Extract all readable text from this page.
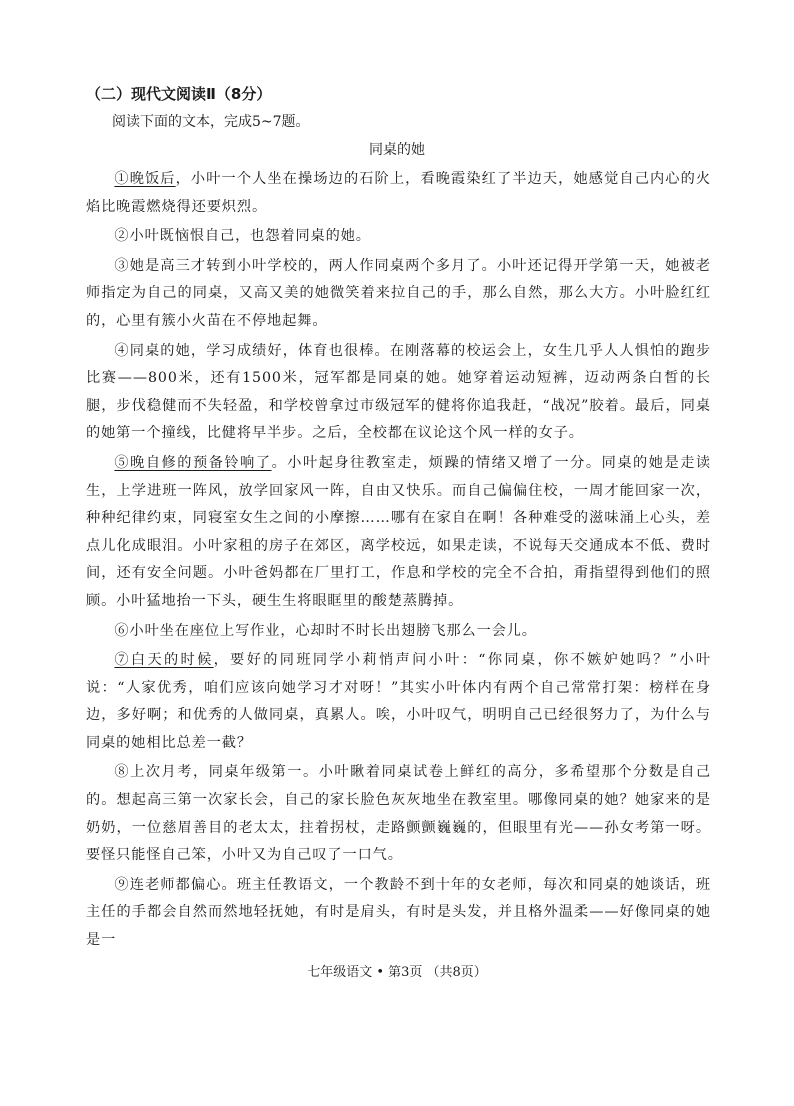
（二）现代文阅读Ⅱ（8分）
阅读下面的文本，完成5~7题。
同桌的她

①晚饭后，小叶一个人坐在操场边的石阶上，看晚霞染红了半边天，她感觉自己内心的火焰比晚霞燃烧得还要炽烈。

②小叶既恼恨自己，也怨着同桌的她。

③她是高三才转到小叶学校的，两人作同桌两个多月了。小叶还记得开学第一天，她被老师指定为自己的同桌，又高又美的她微笑着来拉自己的手，那么自然，那么大方。小叶脸红红的，心里有簇小火苗在不停地起舞。

④同桌的她，学习成绩好，体育也很棒。在刚落幕的校运会上，女生几乎人人惧怕的跑步比赛——800米，还有1500米，冠军都是同桌的她。她穿着运动短裤，迈动两条白皙的长腿，步伐稳健而不失轻盈，和学校曾拿过市级冠军的健将你追我赶，“战况”胶着。最后，同桌的她第一个撞线，比健将早半步。之后，全校都在议论这个风一样的女子。

⑤晚自修的预备铃响了。小叶起身往教室走，烦躁的情绪又增了一分。同桌的她是走读生，上学进班一阵风，放学回家风一阵，自由又快乐。而自己偏偏住校，一周才能回家一次，种种纪律约束，同寝室女生之间的小摩擦……哪有在家自在啊！各种难受的滋味涌上心头，差点儿化成眼泪。小叶家租的房子在郊区，离学校远，如果走读，不说每天交通成本不低、费时间，还有安全问题。小叶爸妈都在厂里打工，作息和学校的完全不合拍，甭指望得到他们的照顾。小叶猛地抬一下头，硬生生将眼眶里的酸楚蒸腾掉。

⑥小叶坐在座位上写作业，心却时不时长出翅膀飞那么一会儿。

⑦白天的时候，要好的同班同学小莉悄声问小叶：“你同桌，你不嫉妒她吗？”小叶说：“人家优秀，咱们应该向她学习才对呀！”其实小叶体内有两个自己常常打架：榜样在身边，多好啊；和优秀的人做同桌，真累人。唉，小叶叹气，明明自己已经很努力了，为什么与同桌的她相比总差一截？

⑧上次月考，同桌年级第一。小叶瞅着同桌试卷上鲜红的高分，多希望那个分数是自己的。想起高三第一次家长会，自己的家长脸色灰灰地坐在教室里。哪像同桌的她？她家来的是奶奶，一位慈眉善目的老太太，拄着拐杖，走路颤颤巍巍的，但眼里有光——孙女考第一呀。要怪只能怪自己笨，小叶又为自己叹了一口气。

⑨连老师都偏心。班主任教语文，一个教龄不到十年的女老师，每次和同桌的她谈话，班主任的手都会自然而然地轻抚她，有时是肩头，有时是头发，并且格外温柔——好像同桌的她是一

七年级语文 • 第3页 （共8页）
